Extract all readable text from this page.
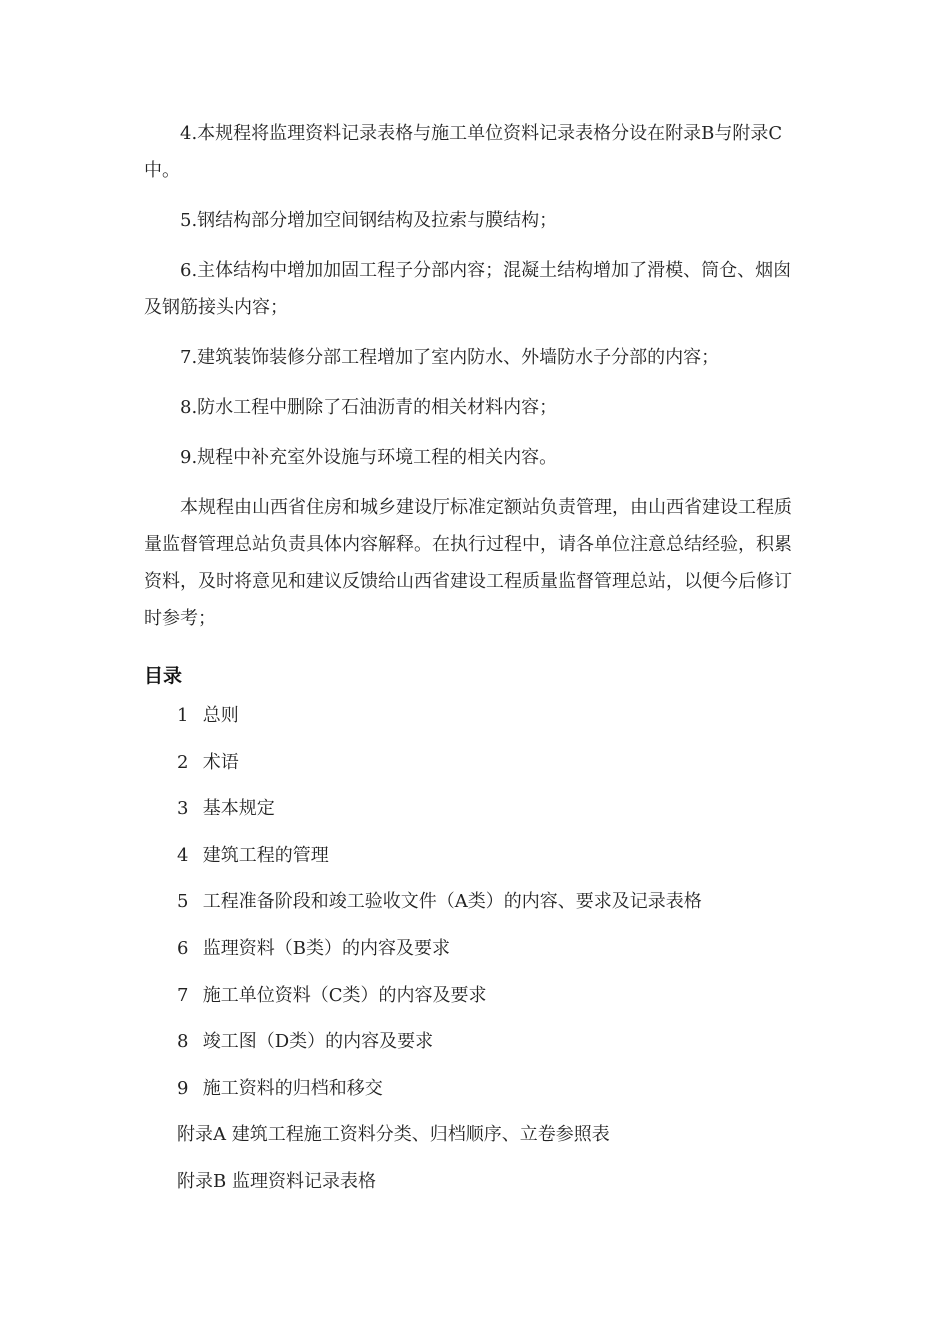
4.本规程将监理资料记录表格与施工单位资料记录表格分设在附录B与附录C中。

5.钢结构部分增加空间钢结构及拉索与膜结构；

6.主体结构中增加加固工程子分部内容；混凝土结构增加了滑模、筒仓、烟囱及钢筋接头内容；

7.建筑装饰装修分部工程增加了室内防水、外墙防水子分部的内容；

8.防水工程中删除了石油沥青的相关材料内容；

9.规程中补充室外设施与环境工程的相关内容。

本规程由山西省住房和城乡建设厅标准定额站负责管理，由山西省建设工程质量监督管理总站负责具体内容解释。在执行过程中，请各单位注意总结经验，积累资料，及时将意见和建议反馈给山西省建设工程质量监督管理总站，以便今后修订时参考；

目录
1 总则
2 术语
3 基本规定
4 建筑工程的管理
5 工程准备阶段和竣工验收文件（A类）的内容、要求及记录表格
6 监理资料（B类）的内容及要求
7 施工单位资料（C类）的内容及要求
8 竣工图（D类）的内容及要求
9 施工资料的归档和移交
附录A 建筑工程施工资料分类、归档顺序、立卷参照表
附录B 监理资料记录表格
